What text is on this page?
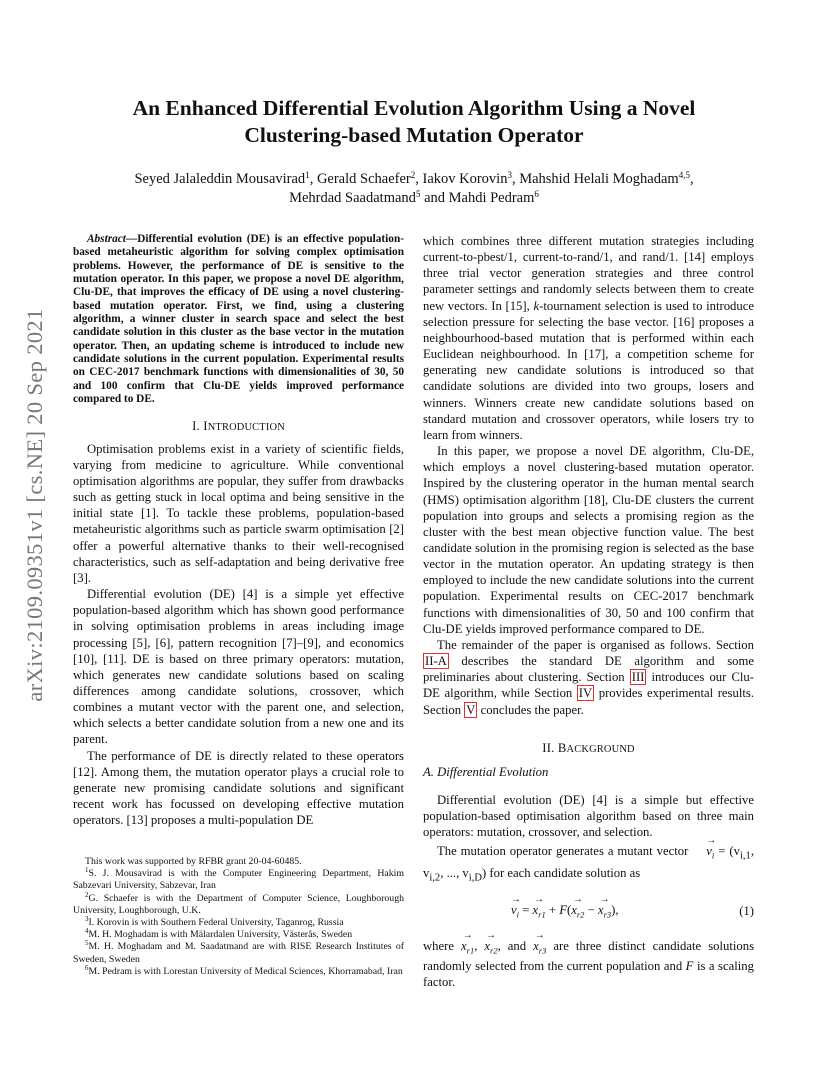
arXiv:2109.09351v1 [cs.NE] 20 Sep 2021
An Enhanced Differential Evolution Algorithm Using a Novel
Clustering-based Mutation Operator
Seyed Jalaleddin Mousavirad$^1$, Gerald Schaefer$^2$, Iakov Korovin$^3$, Mahshid Helali Moghadam$^{4,5}$,
Mehrdad Saadatmand$^5$ and Mahdi Pedram$^6$

Abstract—Differential evolution (DE) is an effective population-based metaheuristic algorithm for solving complex optimisation problems. However, the performance of DE is sensitive to the mutation operator. In this paper, we propose a novel DE algorithm, Clu-DE, that improves the efficacy of DE using a novel clustering-based mutation operator. First, we find, using a clustering algorithm, a winner cluster in search space and select the best candidate solution in this cluster as the base vector in the mutation operator. Then, an updating scheme is introduced to include new candidate solutions in the current population. Experimental results on CEC-2017 benchmark functions with dimensionalities of 30, 50 and 100 confirm that Clu-DE yields improved performance compared to DE.

I. INTRODUCTION

Optimisation problems exist in a variety of scientific fields, varying from medicine to agriculture. While conventional optimisation algorithms are popular, they suffer from drawbacks such as getting stuck in local optima and being sensitive in the initial state [1]. To tackle these problems, population-based metaheuristic algorithms such as particle swarm optimisation [2] offer a powerful alternative thanks to their well-recognised characteristics, such as self-adaptation and being derivative free [3].

Differential evolution (DE) [4] is a simple yet effective population-based algorithm which has shown good performance in solving optimisation problems in areas including image processing [5], [6], pattern recognition [7]–[9], and economics [10], [11]. DE is based on three primary operators: mutation, which generates new candidate solutions based on scaling differences among candidate solutions, crossover, which combines a mutant vector with the parent one, and selection, which selects a better candidate solution from a new one and its parent.

The performance of DE is directly related to these operators [12]. Among them, the mutation operator plays a crucial role to generate new promising candidate solutions and significant recent work has focussed on developing effective mutation operators. [13] proposes a multi-population DE

This work was supported by RFBR grant 20-04-60485.

$^1$S. J. Mousavirad is with the Computer Engineering Department, Hakim Sabzevari University, Sabzevar, Iran

$^2$G. Schaefer is with the Department of Computer Science, Loughborough University, Loughborough, U.K.

$^3$I. Korovin is with Southern Federal University, Taganrog, Russia

$^4$M. H. Moghadam is with Mälardalen University, Västerås, Sweden

$^5$M. H. Moghadam and M. Saadatmand are with RISE Research Institutes of Sweden, Sweden

$^6$M. Pedram is with Lorestan University of Medical Sciences, Khorramabad, Iran

which combines three different mutation strategies including current-to-pbest/1, current-to-rand/1, and rand/1. [14] employs three trial vector generation strategies and three control parameter settings and randomly selects between them to create new vectors. In [15], k-tournament selection is used to introduce selection pressure for selecting the base vector. [16] proposes a neighbourhood-based mutation that is performed within each Euclidean neighbourhood. In [17], a competition scheme for generating new candidate solutions is introduced so that candidate solutions are divided into two groups, losers and winners. Winners create new candidate solutions based on standard mutation and crossover operators, while losers try to learn from winners.

In this paper, we propose a novel DE algorithm, Clu-DE, which employs a novel clustering-based mutation operator. Inspired by the clustering operator in the human mental search (HMS) optimisation algorithm [18], Clu-DE clusters the current population into groups and selects a promising region as the cluster with the best mean objective function value. The best candidate solution in the promising region is selected as the base vector in the mutation operator. An updating strategy is then employed to include the new candidate solutions into the current population. Experimental results on CEC-2017 benchmark functions with dimensionalities of 30, 50 and 100 confirm that Clu-DE yields improved performance compared to DE.

The remainder of the paper is organised as follows. Section II-A describes the standard DE algorithm and some preliminaries about clustering. Section III introduces our Clu-DE algorithm, while Section IV provides experimental results. Section V concludes the paper.

II. BACKGROUND
A. Differential Evolution

Differential evolution (DE) [4] is a simple but effective population-based optimisation algorithm based on three main operators: mutation, crossover, and selection.

The mutation operator generates a mutant vector $v_i$ → = ($v_{i,1}$, $v_{i,2}$, ..., $v_{i,D}$) for each candidate solution as

$v_i$ → = $x_{r1}$ → + $F(x_{r2}$ → − $x_{r3}$ →),	(1)

where $x_{r1}$ →, $x_{r2}$ →, and $x_{r3}$ → are three distinct candidate solutions randomly selected from the current population and F is a scaling factor.
